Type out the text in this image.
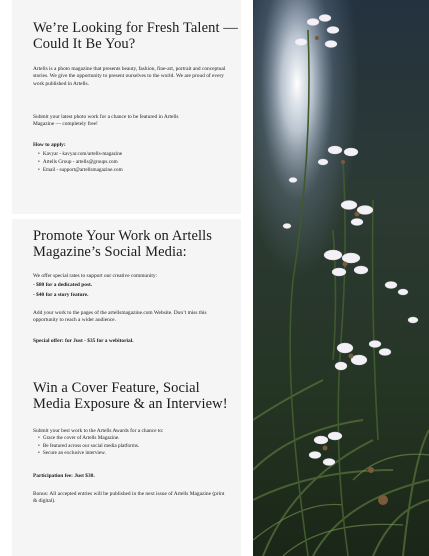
We’re Looking for Fresh Talent — Could It Be You?

Artells is a photo magazine that presents beauty, fashion, fine-art, portrait and conceptual stories. We give the opportunity to present ourselves to the world. We are proud of every work published in Artells.

Submit your latest photo work for a chance to be featured in Artells Magazine — completely free!

How to apply:

• Kavyar - kavyar.com/artells-magazine
• Artells Group - artells@groups.com
• Email - support@artellsmagazine.com
Promote Your Work on Artells Magazine’s Social Media:

We offer special rates to support our creative community:

- $80 for a dedicated post.

- $40 for a story feature.

Add your work to the pages of the artellsmagazine.com Website. Don’t miss this opportunity to reach a wider audience.

Special offer: for Just - $35 for a webitorial.

Win a Cover Feature, Social Media Exposure & an Interview!

Submit your best work to the Artells Awards for a chance to:

• Grace the cover of Artells Magazine.
• Be featured across our social media platforms.
• Secure an exclusive interview.

Participation fee: Just $30.

Bonus: All accepted entries will be published in the next issue of Artells Magazine (print & digital).
